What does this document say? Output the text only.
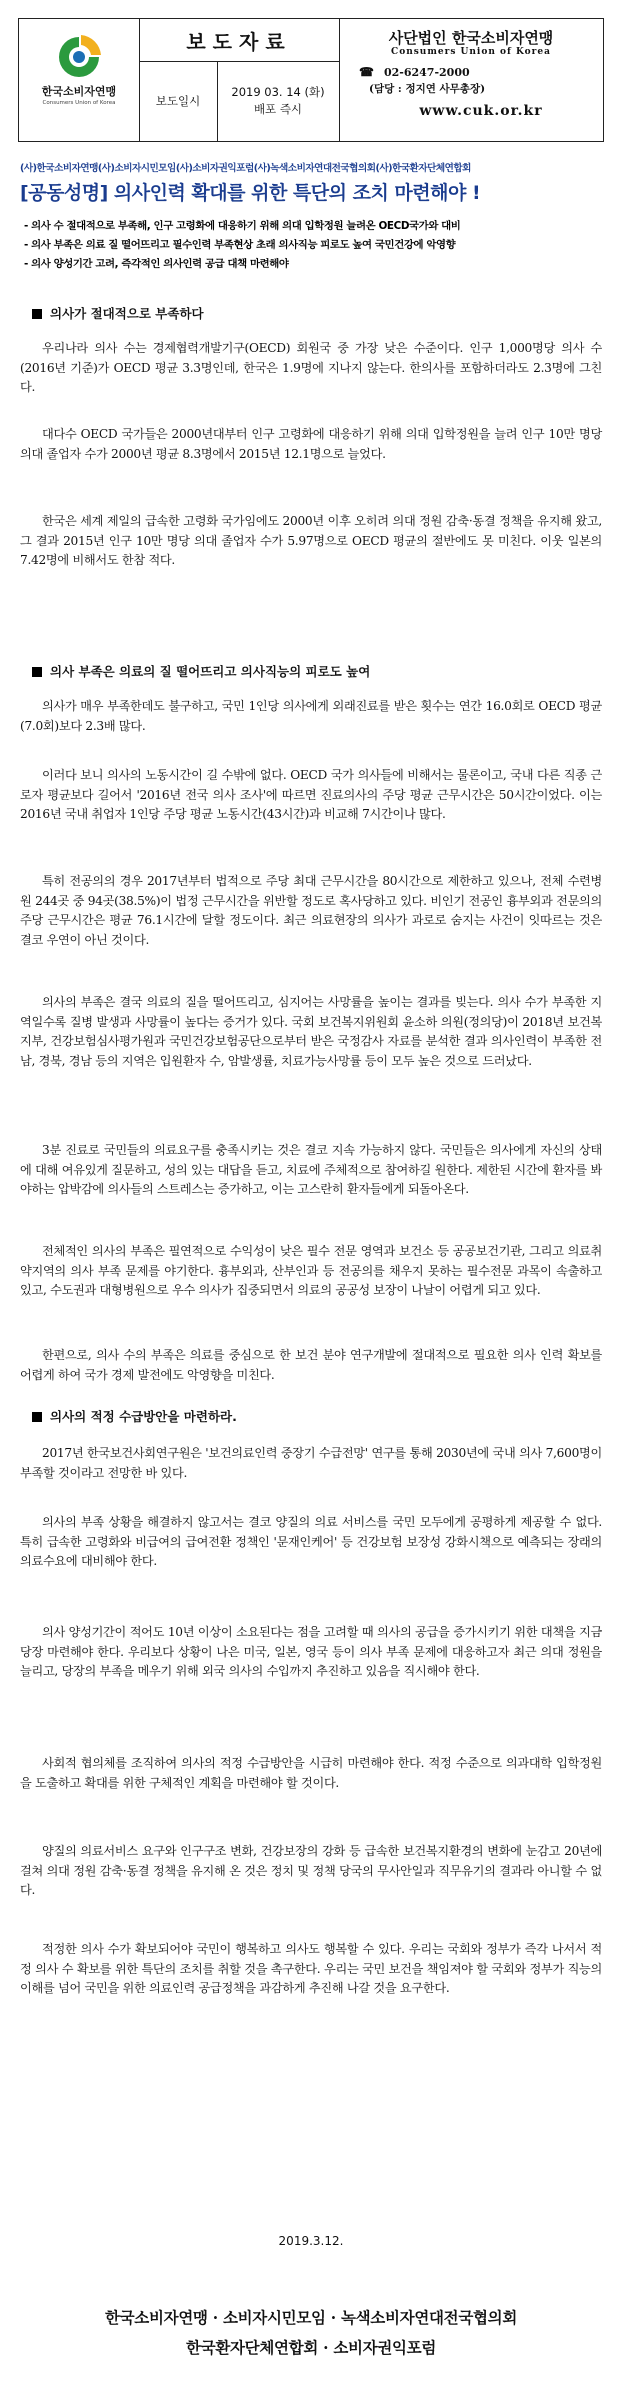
한국소비자연맹
Consumers Union of Korea
보도자료
보도일시
2019 03. 14 (화)
배포 즉시
사단법인 한국소비자연맹
Consumers Union of Korea
☎ 02-6247-2000
(담당 : 정지연 사무총장)
www.cuk.or.kr
(사)한국소비자연맹(사)소비자시민모임(사)소비자권익포럼(사)녹색소비자연대전국협의회(사)한국환자단체연합회
[공동성명] 의사인력 확대를 위한 특단의 조치 마련해야 !
- 의사 수 절대적으로 부족해, 인구 고령화에 대응하기 위해 의대 입학정원 늘려온 OECD국가와 대비
- 의사 부족은 의료 질 떨어뜨리고 필수인력 부족현상 초래 의사직능 피로도 높여 국민건강에 악영향
- 의사 양성기간 고려, 즉각적인 의사인력 공급 대책 마련해야
의사가 절대적으로 부족하다
우리나라 의사 수는 경제협력개발기구(OECD) 회원국 중 가장 낮은 수준이다. 인구 1,000명당 의사 수(2016년 기준)가 OECD 평균 3.3명인데, 한국은 1.9명에 지나지 않는다. 한의사를 포함하더라도 2.3명에 그친다.
대다수 OECD 국가들은 2000년대부터 인구 고령화에 대응하기 위해 의대 입학정원을 늘려 인구 10만 명당 의대 졸업자 수가 2000년 평균 8.3명에서 2015년 12.1명으로 늘었다.
한국은 세계 제일의 급속한 고령화 국가임에도 2000년 이후 오히려 의대 정원 감축·동결 정책을 유지해 왔고, 그 결과 2015년 인구 10만 명당 의대 졸업자 수가 5.97명으로 OECD 평균의 절반에도 못 미친다. 이웃 일본의 7.42명에 비해서도 한참 적다.
의사 부족은 의료의 질 떨어뜨리고 의사직능의 피로도 높여
의사가 매우 부족한데도 불구하고, 국민 1인당 의사에게 외래진료를 받은 횟수는 연간 16.0회로 OECD 평균(7.0회)보다 2.3배 많다.
이러다 보니 의사의 노동시간이 길 수밖에 없다. OECD 국가 의사들에 비해서는 물론이고, 국내 다른 직종 근로자 평균보다 길어서 '2016년 전국 의사 조사'에 따르면 진료의사의 주당 평균 근무시간은 50시간이었다. 이는 2016년 국내 취업자 1인당 주당 평균 노동시간(43시간)과 비교해 7시간이나 많다.
특히 전공의의 경우 2017년부터 법적으로 주당 최대 근무시간을 80시간으로 제한하고 있으나, 전체 수련병원 244곳 중 94곳(38.5%)이 법정 근무시간을 위반할 정도로 혹사당하고 있다. 비인기 전공인 흉부외과 전문의의 주당 근무시간은 평균 76.1시간에 달할 정도이다. 최근 의료현장의 의사가 과로로 숨지는 사건이 잇따르는 것은 결코 우연이 아닌 것이다.
의사의 부족은 결국 의료의 질을 떨어뜨리고, 심지어는 사망률을 높이는 결과를 빚는다. 의사 수가 부족한 지역일수록 질병 발생과 사망률이 높다는 증거가 있다. 국회 보건복지위원회 윤소하 의원(정의당)이 2018년 보건복지부, 건강보험심사평가원과 국민건강보험공단으로부터 받은 국정감사 자료를 분석한 결과 의사인력이 부족한 전남, 경북, 경남 등의 지역은 입원환자 수, 암발생률, 치료가능사망률 등이 모두 높은 것으로 드러났다.
3분 진료로 국민들의 의료요구를 충족시키는 것은 결코 지속 가능하지 않다. 국민들은 의사에게 자신의 상태에 대해 여유있게 질문하고, 성의 있는 대답을 듣고, 치료에 주체적으로 참여하길 원한다. 제한된 시간에 환자를 봐야하는 압박감에 의사들의 스트레스는 증가하고, 이는 고스란히 환자들에게 되돌아온다.
전체적인 의사의 부족은 필연적으로 수익성이 낮은 필수 전문 영역과 보건소 등 공공보건기관, 그리고 의료취약지역의 의사 부족 문제를 야기한다. 흉부외과, 산부인과 등 전공의를 채우지 못하는 필수전문 과목이 속출하고 있고, 수도권과 대형병원으로 우수 의사가 집중되면서 의료의 공공성 보장이 나날이 어렵게 되고 있다.
한편으로, 의사 수의 부족은 의료를 중심으로 한 보건 분야 연구개발에 절대적으로 필요한 의사 인력 확보를 어렵게 하여 국가 경제 발전에도 악영향을 미친다.
의사의 적정 수급방안을 마련하라.
2017년 한국보건사회연구원은 '보건의료인력 중장기 수급전망' 연구를 통해 2030년에 국내 의사 7,600명이 부족할 것이라고 전망한 바 있다.
의사의 부족 상황을 해결하지 않고서는 결코 양질의 의료 서비스를 국민 모두에게 공평하게 제공할 수 없다. 특히 급속한 고령화와 비급여의 급여전환 정책인 '문재인케어' 등 건강보험 보장성 강화시책으로 예측되는 장래의 의료수요에 대비해야 한다.
의사 양성기간이 적어도 10년 이상이 소요된다는 점을 고려할 때 의사의 공급을 증가시키기 위한 대책을 지금 당장 마련해야 한다. 우리보다 상황이 나은 미국, 일본, 영국 등이 의사 부족 문제에 대응하고자 최근 의대 정원을 늘리고, 당장의 부족을 메우기 위해 외국 의사의 수입까지 추진하고 있음을 직시해야 한다.
사회적 협의체를 조직하여 의사의 적정 수급방안을 시급히 마련해야 한다. 적정 수준으로 의과대학 입학정원을 도출하고 확대를 위한 구체적인 계획을 마련해야 할 것이다.
양질의 의료서비스 요구와 인구구조 변화, 건강보장의 강화 등 급속한 보건복지환경의 변화에 눈감고 20년에 걸쳐 의대 정원 감축·동결 정책을 유지해 온 것은 정치 및 정책 당국의 무사안일과 직무유기의 결과라 아니할 수 없다.
적정한 의사 수가 확보되어야 국민이 행복하고 의사도 행복할 수 있다. 우리는 국회와 정부가 즉각 나서서 적정 의사 수 확보를 위한 특단의 조치를 취할 것을 촉구한다. 우리는 국민 보건을 책임져야 할 국회와 정부가 직능의 이해를 넘어 국민을 위한 의료인력 공급정책을 과감하게 추진해 나갈 것을 요구한다.
2019.3.12.
한국소비자연맹 · 소비자시민모임 · 녹색소비자연대전국협의회
한국환자단체연합회 · 소비자권익포럼
